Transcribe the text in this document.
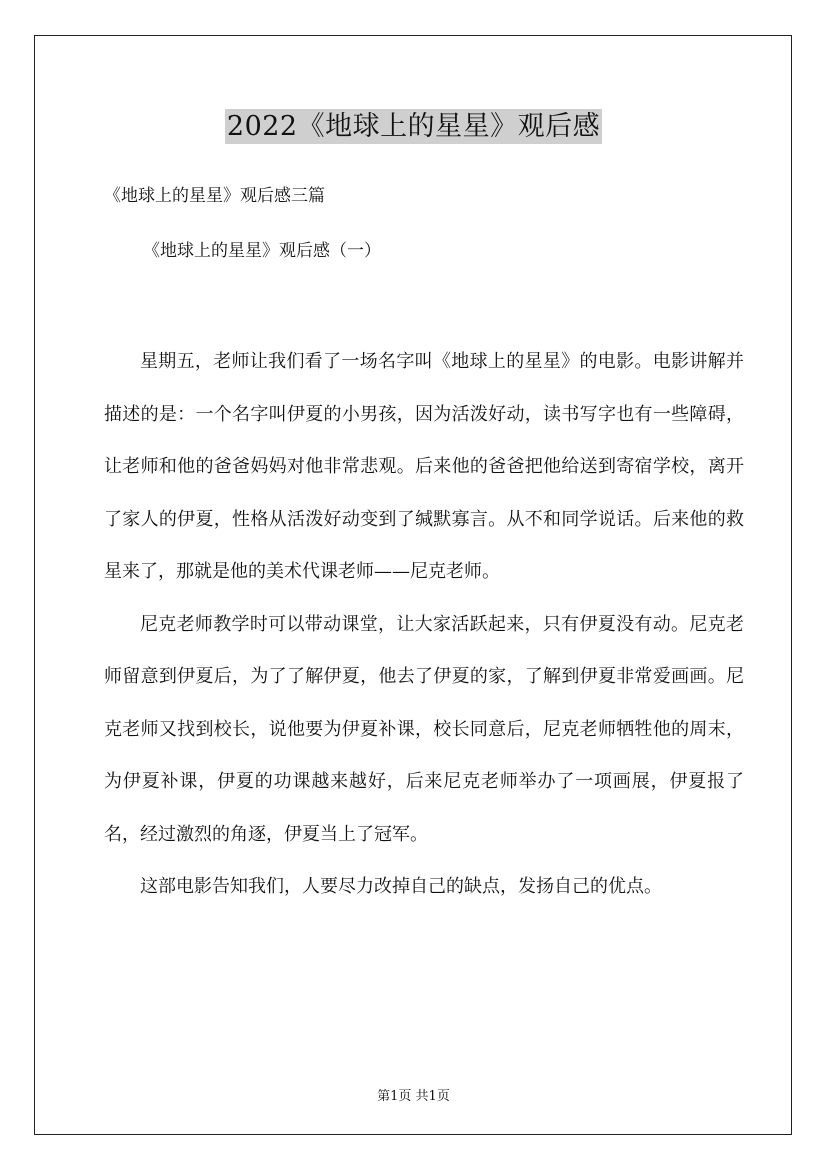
2022《地球上的星星》观后感
《地球上的星星》观后感三篇
《地球上的星星》观后感（一）

星期五，老师让我们看了一场名字叫《地球上的星星》的电影。电影讲解并描述的是：一个名字叫伊夏的小男孩，因为活泼好动，读书写字也有一些障碍，让老师和他的爸爸妈妈对他非常悲观。后来他的爸爸把他给送到寄宿学校，离开了家人的伊夏，性格从活泼好动变到了缄默寡言。从不和同学说话。后来他的救星来了，那就是他的美术代课老师——尼克老师。

尼克老师教学时可以带动课堂，让大家活跃起来，只有伊夏没有动。尼克老师留意到伊夏后，为了了解伊夏，他去了伊夏的家，了解到伊夏非常爱画画。尼克老师又找到校长，说他要为伊夏补课，校长同意后，尼克老师牺牲他的周末，为伊夏补课，伊夏的功课越来越好，后来尼克老师举办了一项画展，伊夏报了名，经过激烈的角逐，伊夏当上了冠军。

这部电影告知我们，人要尽力改掉自己的缺点，发扬自己的优点。

第1页 共1页
